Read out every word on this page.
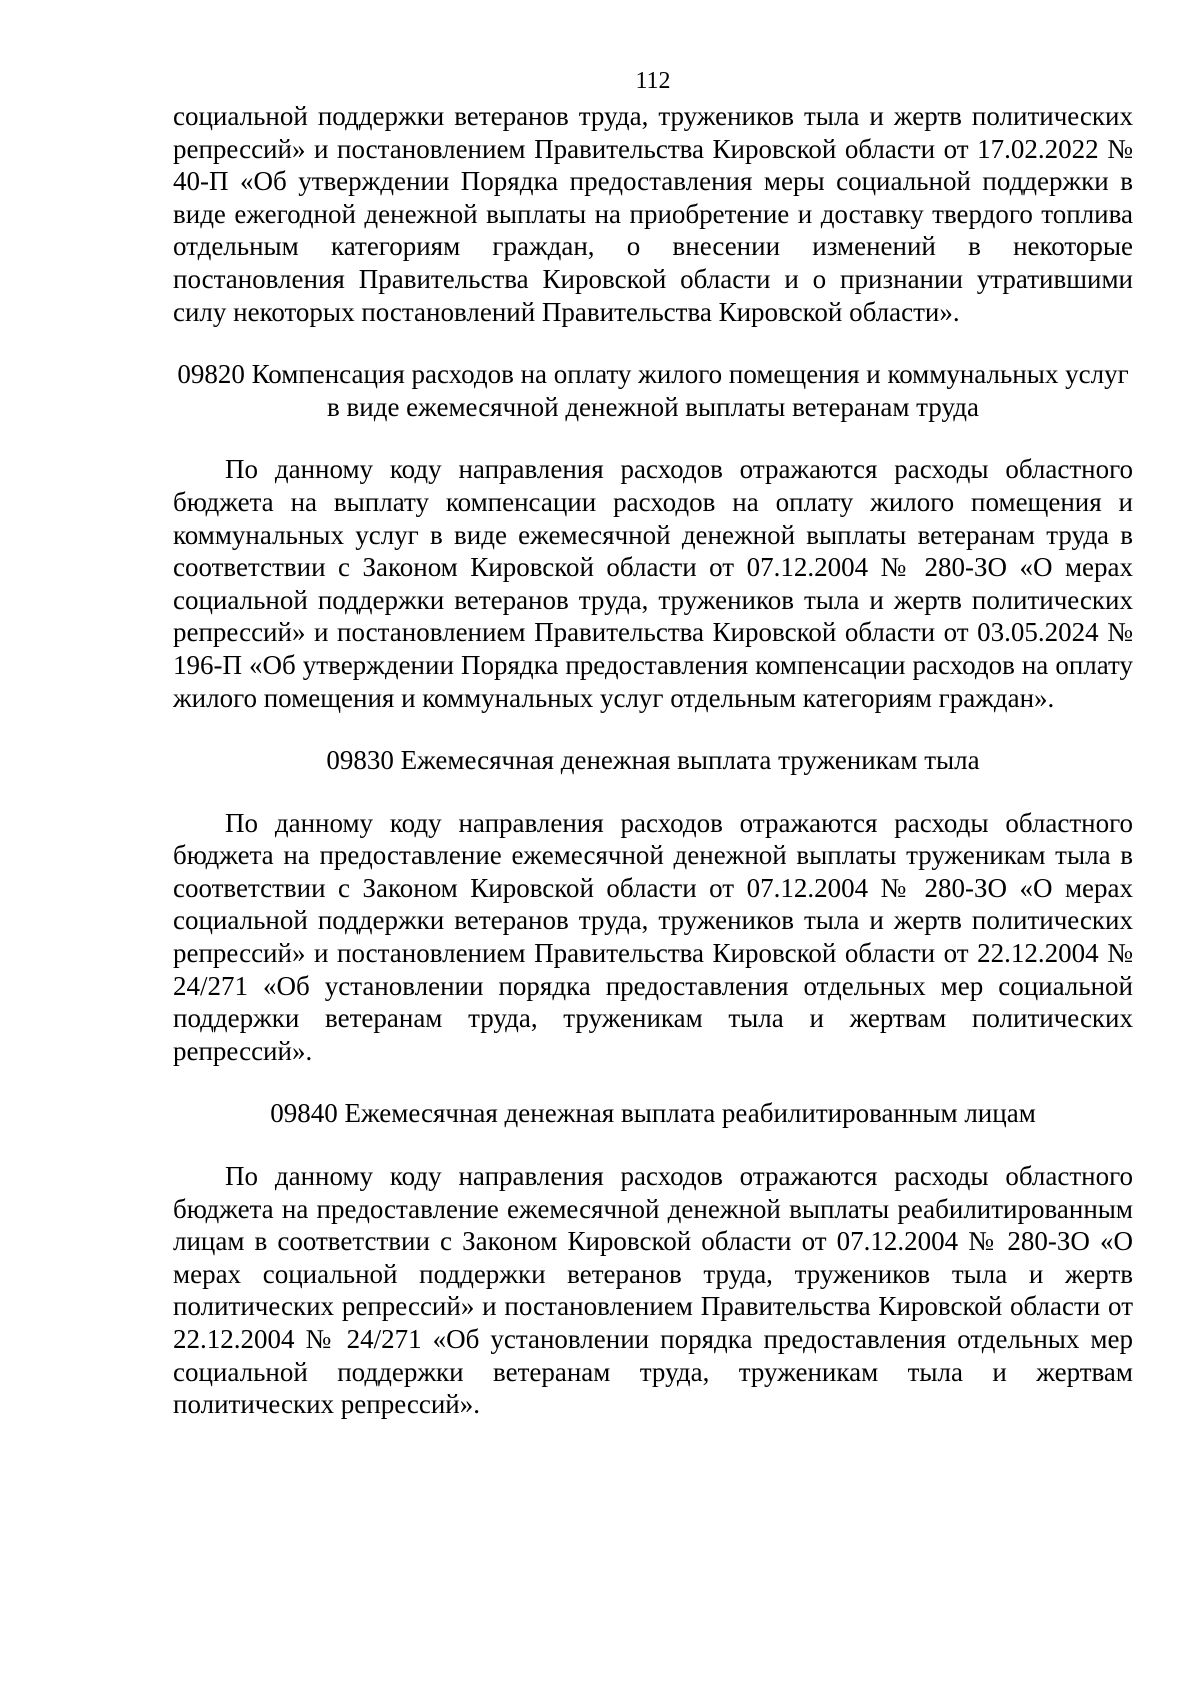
112

социальной поддержки ветеранов труда, тружеников тыла и жертв политических репрессий» и постановлением Правительства Кировской области от 17.02.2022 № 40-П «Об утверждении Порядка предоставления меры социальной поддержки в виде ежегодной денежной выплаты на приобретение и доставку твердого топлива отдельным категориям граждан, о внесении изменений в некоторые постановления Правительства Кировской области и о признании утратившими силу некоторых постановлений Правительства Кировской области».

09820 Компенсация расходов на оплату жилого помещения и коммунальных услуг в виде ежемесячной денежной выплаты ветеранам труда

По данному коду направления расходов отражаются расходы областного бюджета на выплату компенсации расходов на оплату жилого помещения и коммунальных услуг в виде ежемесячной денежной выплаты ветеранам труда в соответствии с Законом Кировской области от 07.12.2004 № 280-ЗО «О мерах социальной поддержки ветеранов труда, тружеников тыла и жертв политических репрессий» и постановлением Правительства Кировской области от 03.05.2024 № 196-П «Об утверждении Порядка предоставления компенсации расходов на оплату жилого помещения и коммунальных услуг отдельным категориям граждан».

09830 Ежемесячная денежная выплата труженикам тыла

По данному коду направления расходов отражаются расходы областного бюджета на предоставление ежемесячной денежной выплаты труженикам тыла в соответствии с Законом Кировской области от 07.12.2004 № 280-ЗО «О мерах социальной поддержки ветеранов труда, тружеников тыла и жертв политических репрессий» и постановлением Правительства Кировской области от 22.12.2004 № 24/271 «Об установлении порядка предоставления отдельных мер социальной поддержки ветеранам труда, труженикам тыла и жертвам политических репрессий».

09840 Ежемесячная денежная выплата реабилитированным лицам

По данному коду направления расходов отражаются расходы областного бюджета на предоставление ежемесячной денежной выплаты реабилитированным лицам в соответствии с Законом Кировской области от 07.12.2004 № 280-ЗО «О мерах социальной поддержки ветеранов труда, тружеников тыла и жертв политических репрессий» и постановлением Правительства Кировской области от 22.12.2004 № 24/271 «Об установлении порядка предоставления отдельных мер социальной поддержки ветеранам труда, труженикам тыла и жертвам политических репрессий».
